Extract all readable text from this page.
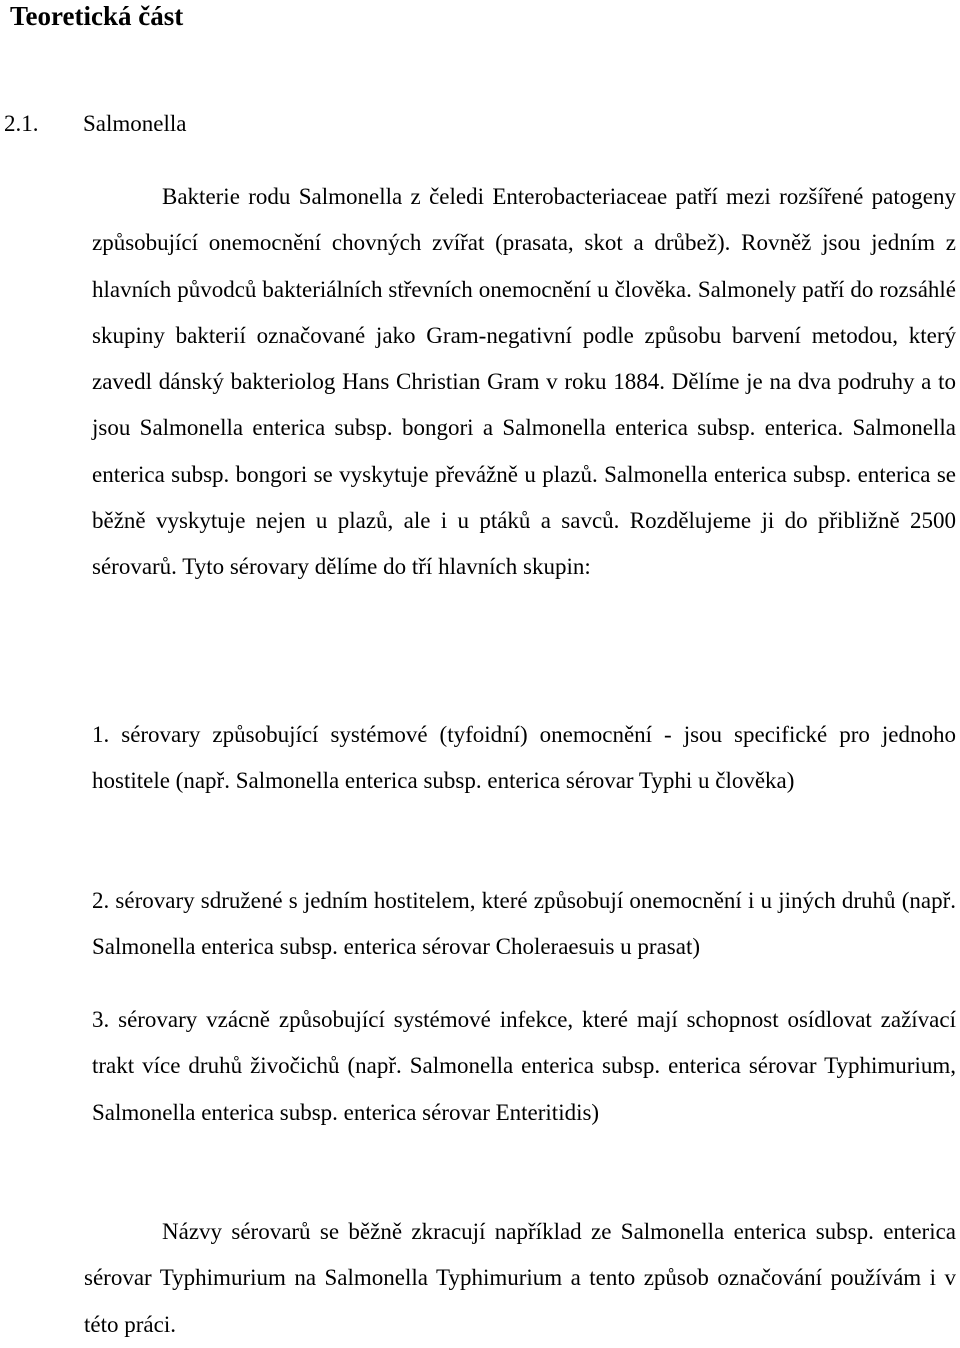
Teoretická část
2.1. Salmonella

Bakterie rodu Salmonella z čeledi Enterobacteriaceae patří mezi rozšířené patogeny způsobující onemocnění chovných zvířat (prasata, skot a drůbež). Rovněž jsou jedním z hlavních původců bakteriálních střevních onemocnění u člověka. Salmonely patří do rozsáhlé skupiny bakterií označované jako Gram-negativní podle způsobu barvení metodou, který zavedl dánský bakteriolog Hans Christian Gram v roku 1884. Dělíme je na dva podruhy a to jsou Salmonella enterica subsp. bongori a Salmonella enterica subsp. enterica. Salmonella enterica subsp. bongori se vyskytuje převážně u plazů. Salmonella enterica subsp. enterica se běžně vyskytuje nejen u plazů, ale i u ptáků a savců. Rozdělujeme ji do přibližně 2500 sérovarů. Tyto sérovary dělíme do tří hlavních skupin:

1. sérovary způsobující systémové (tyfoidní) onemocnění - jsou specifické pro jednoho hostitele (např. Salmonella enterica subsp. enterica sérovar Typhi u člověka)

2. sérovary sdružené s jedním hostitelem, které způsobují onemocnění i u jiných druhů (např. Salmonella enterica subsp. enterica sérovar Choleraesuis u prasat)

3. sérovary vzácně způsobující systémové infekce, které mají schopnost osídlovat zažívací trakt více druhů živočichů (např. Salmonella enterica subsp. enterica sérovar Typhimurium, Salmonella enterica subsp. enterica sérovar Enteritidis)

Názvy sérovarů se běžně zkracují například ze Salmonella enterica subsp. enterica sérovar Typhimurium na Salmonella Typhimurium a tento způsob označování používám i v této práci.
